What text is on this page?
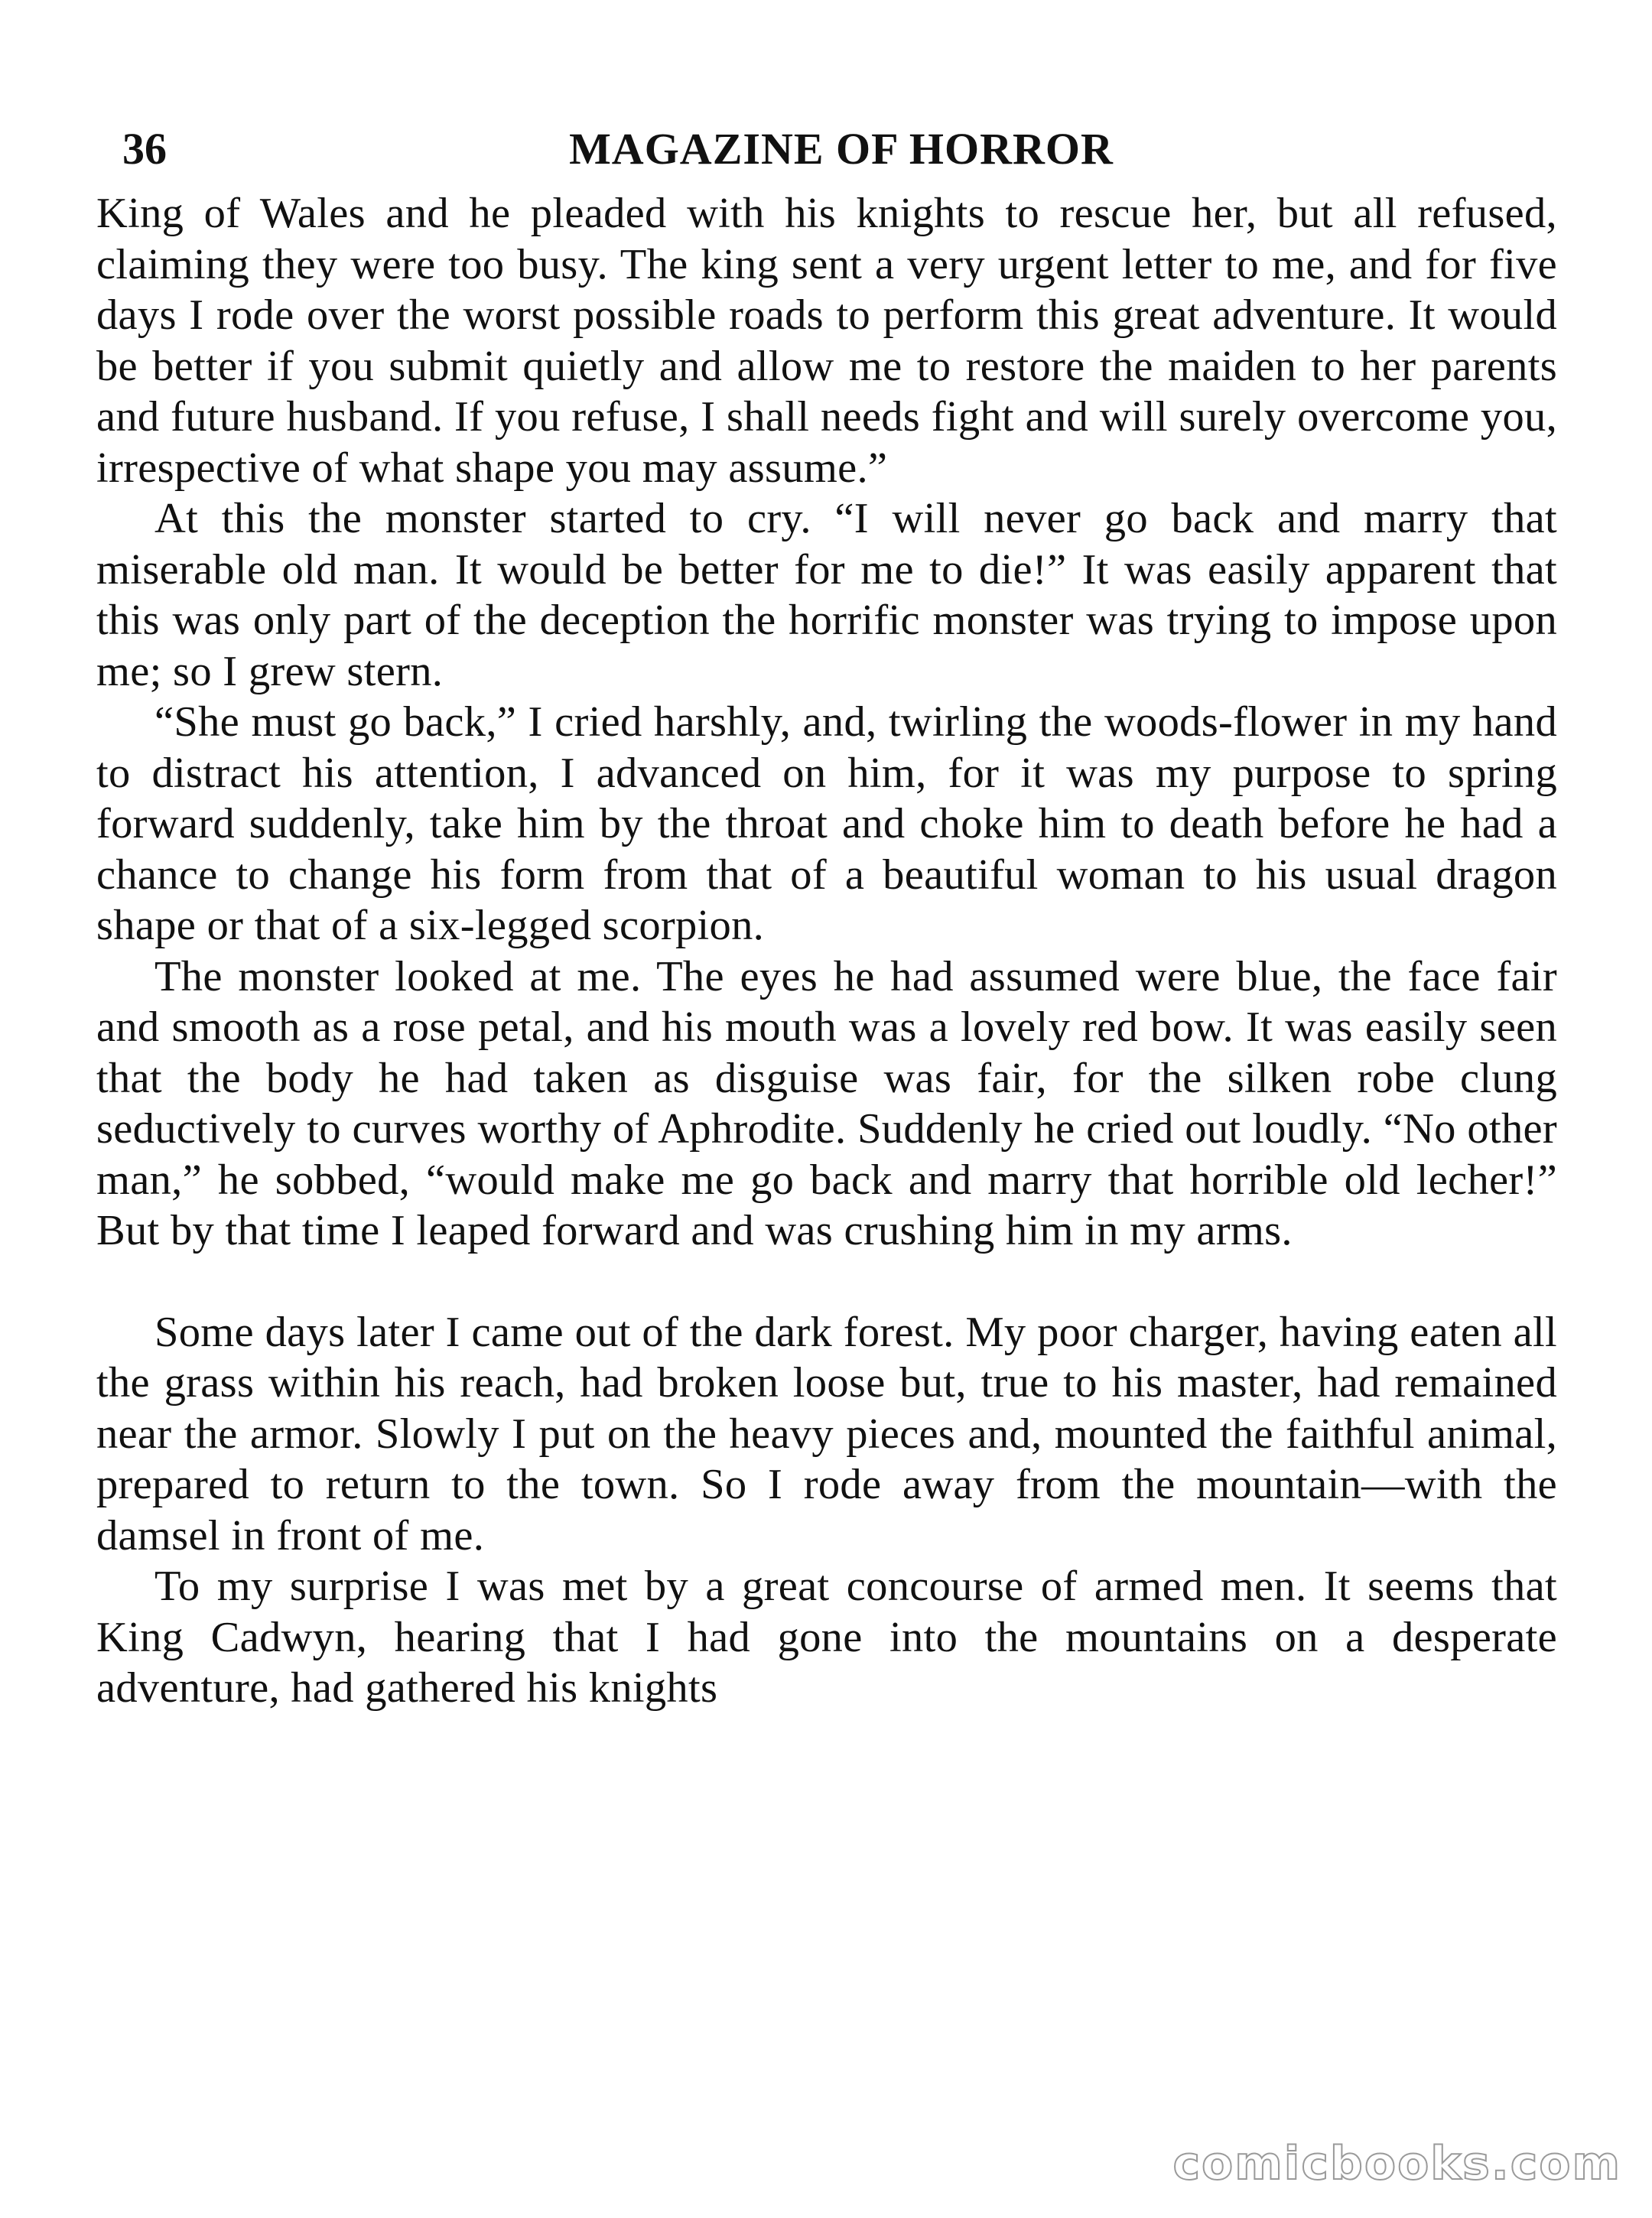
36	MAGAZINE OF HORROR

King of Wales and he pleaded with his knights to rescue her, but all refused, claiming they were too busy. The king sent a very urgent letter to me, and for five days I rode over the worst possible roads to perform this great adventure. It would be better if you submit quietly and allow me to restore the maiden to her parents and future husband. If you refuse, I shall needs fight and will surely overcome you, irrespective of what shape you may assume.”

At this the monster started to cry. “I will never go back and marry that miserable old man. It would be better for me to die!” It was easily apparent that this was only part of the deception the horrific monster was trying to impose upon me; so I grew stern.

“She must go back,” I cried harshly, and, twirling the woods-flower in my hand to distract his attention, I advanced on him, for it was my purpose to spring forward suddenly, take him by the throat and choke him to death before he had a chance to change his form from that of a beautiful woman to his usual dragon shape or that of a six-legged scorpion.

The monster looked at me. The eyes he had assumed were blue, the face fair and smooth as a rose petal, and his mouth was a lovely red bow. It was easily seen that the body he had taken as disguise was fair, for the silken robe clung seductively to curves worthy of Aphrodite. Suddenly he cried out loudly. “No other man,” he sobbed, “would make me go back and marry that horrible old lecher!” But by that time I leaped forward and was crushing him in my arms.

Some days later I came out of the dark forest. My poor charger, having eaten all the grass within his reach, had broken loose but, true to his master, had remained near the armor. Slowly I put on the heavy pieces and, mounted the faithful animal, prepared to return to the town. So I rode away from the mountain—with the damsel in front of me.

To my surprise I was met by a great concourse of armed men. It seems that King Cadwyn, hearing that I had gone into the mountains on a desperate adventure, had gathered his knights

comicbooks.com
